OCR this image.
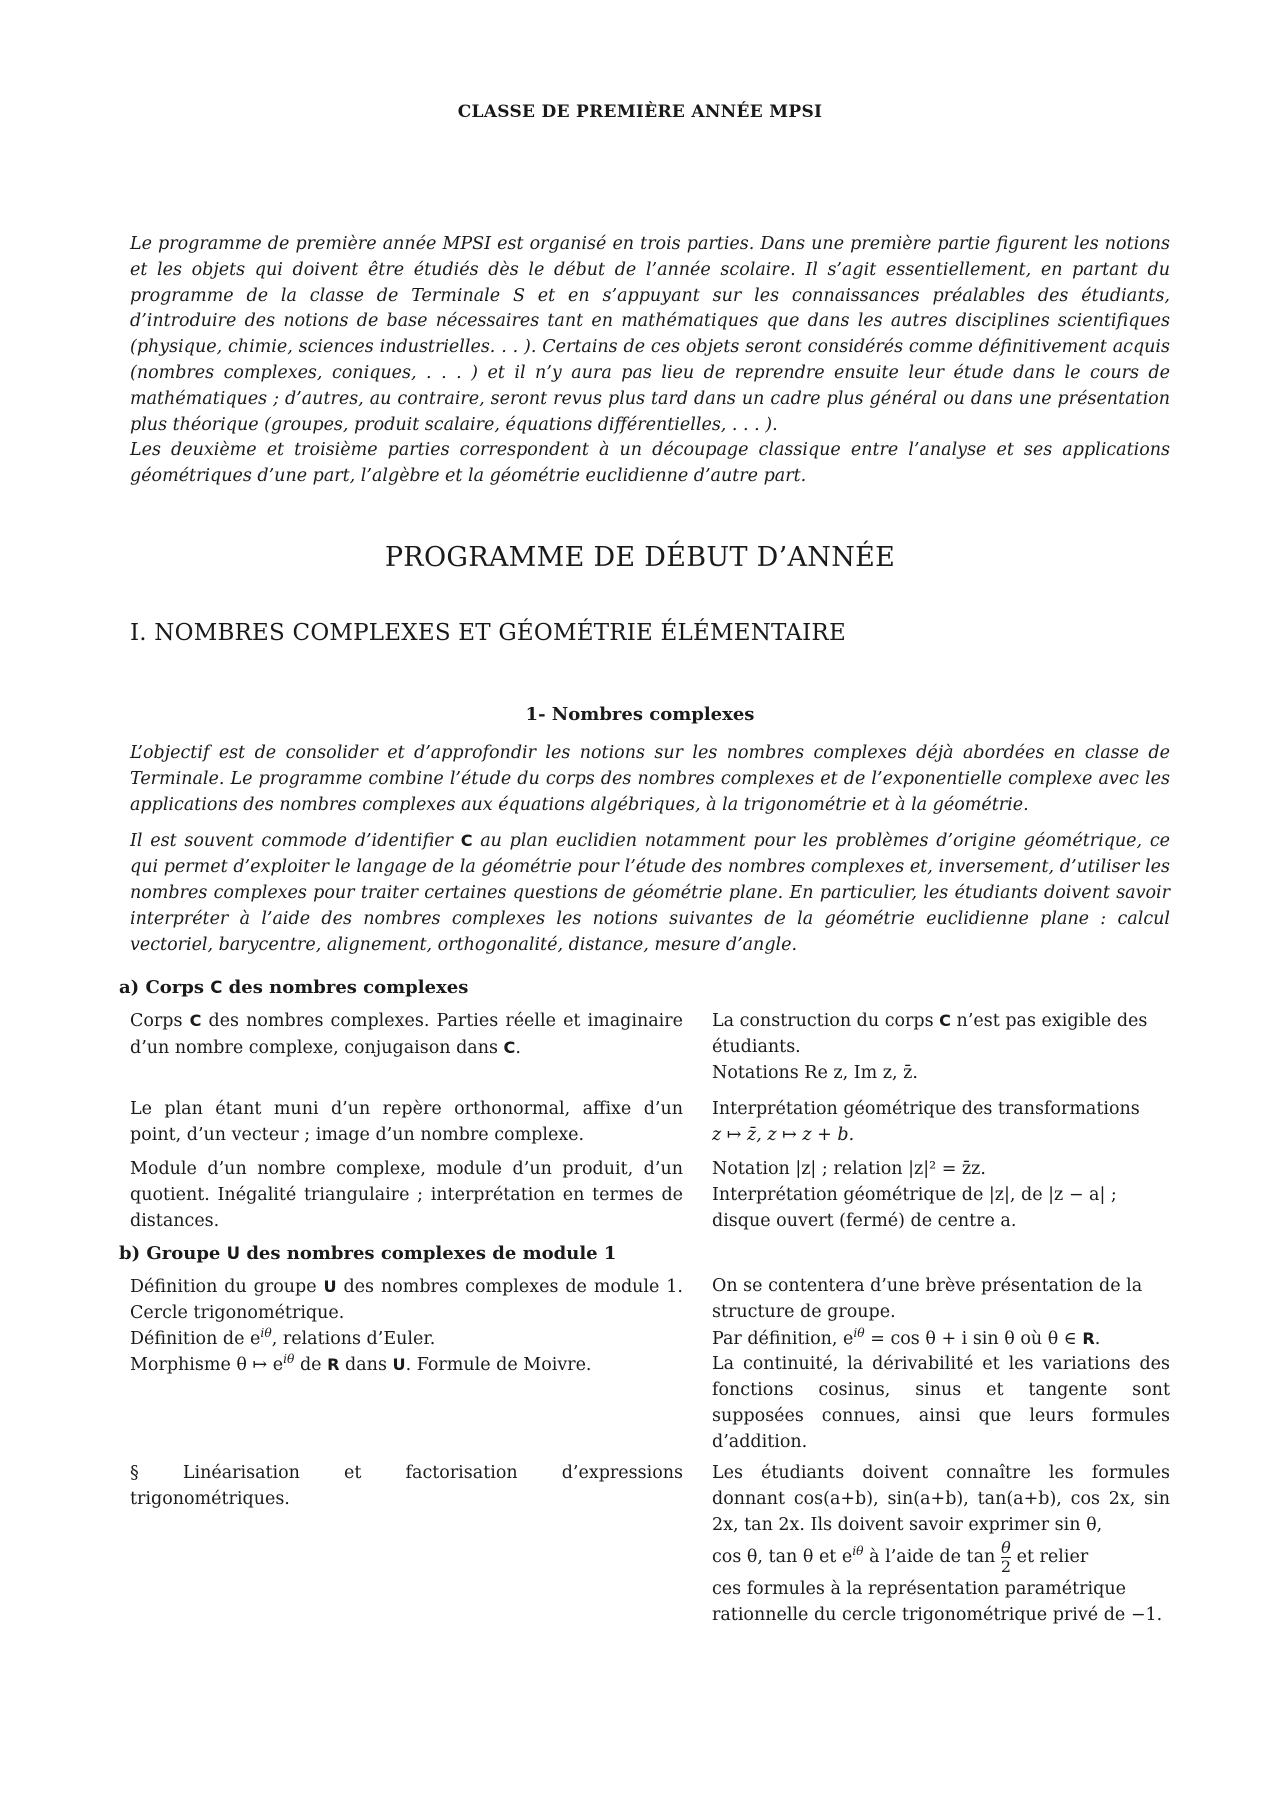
CLASSE DE PREMIÈRE ANNÉE MPSI

Le programme de première année MPSI est organisé en trois parties. Dans une première partie figurent les notions et les objets qui doivent être étudiés dès le début de l’année scolaire. Il s’agit essentiellement, en partant du programme de la classe de Terminale S et en s’appuyant sur les connaissances préalables des étudiants, d’introduire des notions de base nécessaires tant en mathématiques que dans les autres disciplines scientifiques (physique, chimie, sciences industrielles. . . ). Certains de ces objets seront considérés comme définitivement acquis (nombres complexes, coniques, . . . ) et il n’y aura pas lieu de reprendre ensuite leur étude dans le cours de mathématiques ; d’autres, au contraire, seront revus plus tard dans un cadre plus général ou dans une présentation plus théorique (groupes, produit scalaire, équations différentielles, . . . ).

Les deuxième et troisième parties correspondent à un découpage classique entre l’analyse et ses applications géométriques d’une part, l’algèbre et la géométrie euclidienne d’autre part.

PROGRAMME DE DÉBUT D’ANNÉE
I. NOMBRES COMPLEXES ET GÉOMÉTRIE ÉLÉMENTAIRE
1- Nombres complexes

L’objectif est de consolider et d’approfondir les notions sur les nombres complexes déjà abordées en classe de Terminale. Le programme combine l’étude du corps des nombres complexes et de l’exponentielle complexe avec les applications des nombres complexes aux équations algébriques, à la trigonométrie et à la géométrie.

Il est souvent commode d’identifier C au plan euclidien notamment pour les problèmes d’origine géométrique, ce qui permet d’exploiter le langage de la géométrie pour l’étude des nombres complexes et, inversement, d’utiliser les nombres complexes pour traiter certaines questions de géométrie plane. En particulier, les étudiants doivent savoir interpréter à l’aide des nombres complexes les notions suivantes de la géométrie euclidienne plane : calcul vectoriel, barycentre, alignement, orthogonalité, distance, mesure d’angle.

a) Corps C des nombres complexes

Corps C des nombres complexes. Parties réelle et imaginaire d’un nombre complexe, conjugaison dans C.

La construction du corps C n’est pas exigible des étudiants.

Notations Re z, Im z, z̄.

Le plan étant muni d’un repère orthonormal, affixe d’un point, d’un vecteur ; image d’un nombre complexe.

Interprétation géométrique des transformations

z ↦ z̄, z ↦ z + b.

Module d’un nombre complexe, module d’un produit, d’un quotient. Inégalité triangulaire ; interprétation en termes de distances.

Notation |z| ; relation |z|² = z̄z.

Interprétation géométrique de |z|, de |z − a| ; disque ouvert (fermé) de centre a.

b) Groupe U des nombres complexes de module 1

Définition du groupe U des nombres complexes de module 1. Cercle trigonométrique.

Définition de $e^{i\theta}$, relations d’Euler.

Morphisme θ ↦ $e^{i\theta}$ de R dans U. Formule de Moivre.

On se contentera d’une brève présentation de la structure de groupe.

Par définition, $e^{i\theta} = \cos \theta + i$ sin θ où θ ∈ R.

La continuité, la dérivabilité et les variations des fonctions cosinus, sinus et tangente sont supposées connues, ainsi que leurs formules d’addition.

§ Linéarisation et factorisation d’expressions trigonométriques.

Les étudiants doivent connaître les formules donnant cos(a+b), sin(a+b), tan(a+b), cos 2x, sin 2x, tan 2x. Ils doivent savoir exprimer sin θ,

cos θ, tan θ et $e^{i\theta}$ à l’aide de $\tan \frac{\theta}{2}$ et relier

ces formules à la représentation paramétrique rationnelle du cercle trigonométrique privé de −1.
